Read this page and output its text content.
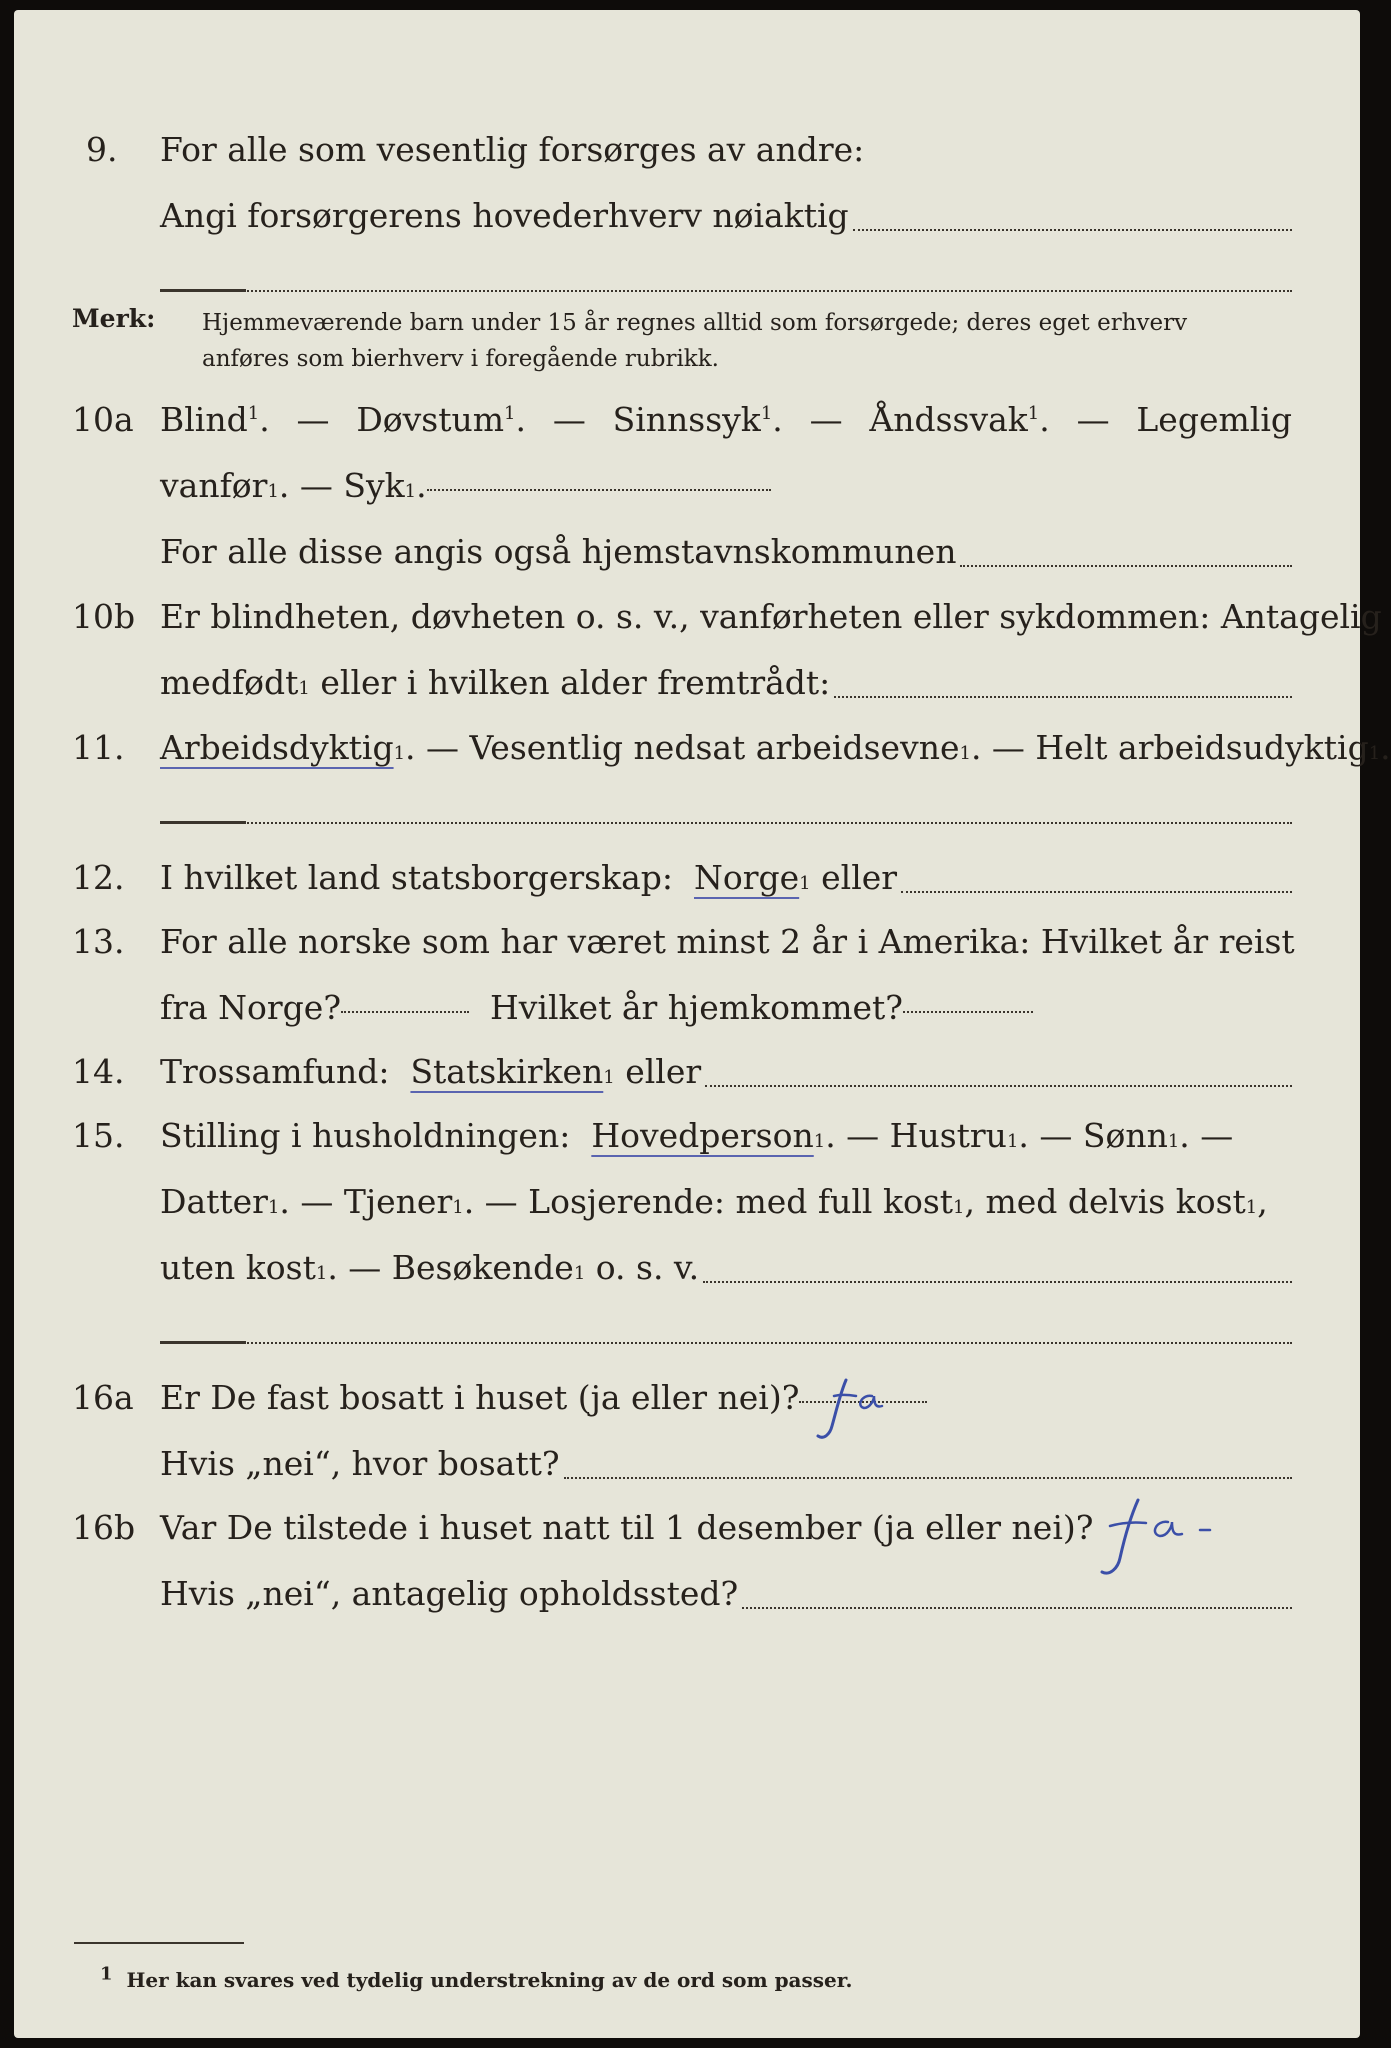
9. For alle som vesentlig forsørges av andre:
Angi forsørgerens hovederhverv nøiaktig
Merk: Hjemmeværende barn under 15 år regnes alltid som forsørgede; deres eget erhverv
anføres som bierhverv i foregående rubrikk.
10a Blind$^1$. — Døvstum$^1$. — Sinnssyk$^1$. — Åndssvak$^1$. — Legemlig
vanfør 1 . — Syk 1 .
For alle disse angis også hjemstavnskommunen
10b Er blindheten, døvheten o. s. v., vanførheten eller sykdommen: Antagelig
medfødt 1 eller i hvilken alder fremtrådt:
11. Arbeidsdyktig 1 . — Vesentlig nedsat arbeidsevne 1 . — Helt arbeidsudyktig 1 .
12. I hvilket land statsborgerskap:
Norge 1 eller
13. For alle norske som har været minst 2 år i Amerika: Hvilket år reist
fra Norge?
	Hvilket år hjemkommet?
14. Trossamfund:
Statskirken 1 eller
15. Stilling i husholdningen:
Hovedperson 1 . — Hustru 1 . — Sønn 1 . —
Datter 1 . — Tjener 1 . — Losjerende: med full kost 1 , med delvis kost 1 ,
uten kost 1 . — Besøkende 1 o. s. v.
16a Er De fast bosatt i huset (ja eller nei)?
Hvis „nei“, hvor bosatt?
16b Var De tilstede i huset natt til 1 desember (ja eller nei)?
Hvis „nei“, antagelig opholdssted?
$^1$ Her kan svares ved tydelig understrekning av de ord som passer.
